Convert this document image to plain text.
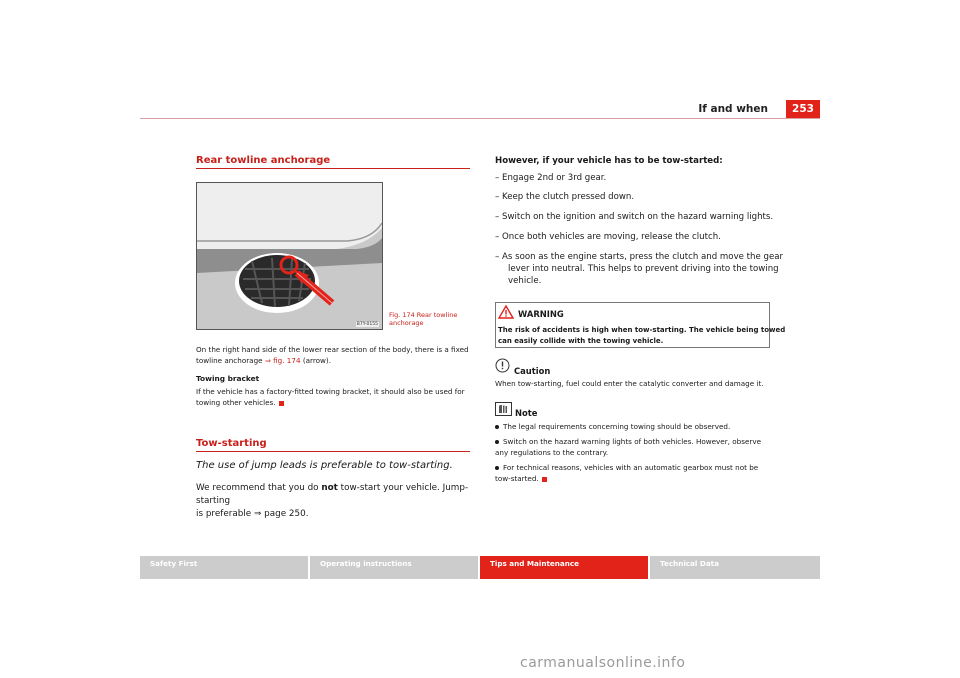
If and when	253
Rear towline anchorage
B7Y-0155
Fig. 174 Rear towline
anchorage
On the right hand side of the lower rear section of the body, there is a fixed
towline anchorage ⇒ fig. 174 (arrow).
Towing bracket
If the vehicle has a factory-fitted towing bracket, it should also be used for
towing other vehicles.
Tow-starting
The use of jump leads is preferable to tow-starting.
We recommend that you do not tow-start your vehicle. Jump-starting
is preferable ⇒ page 250.
However, if your vehicle has to be tow-started:
– Engage 2nd or 3rd gear.
– Keep the clutch pressed down.
– Switch on the ignition and switch on the hazard warning lights.
– Once both vehicles are moving, release the clutch.
– As soon as the engine starts, press the clutch and move the gear
lever into neutral. This helps to prevent driving into the towing
vehicle.
WARNING
The risk of accidents is high when tow-starting. The vehicle being towed
can easily collide with the towing vehicle.
Caution
When tow-starting, fuel could enter the catalytic converter and damage it.
Note
The legal requirements concerning towing should be observed.
Switch on the hazard warning lights of both vehicles. However, observe
any regulations to the contrary.
For technical reasons, vehicles with an automatic gearbox must not be
tow-started.
Safety First	Operating instructions	Tips and Maintenance	Technical Data
carmanualsonline.info
